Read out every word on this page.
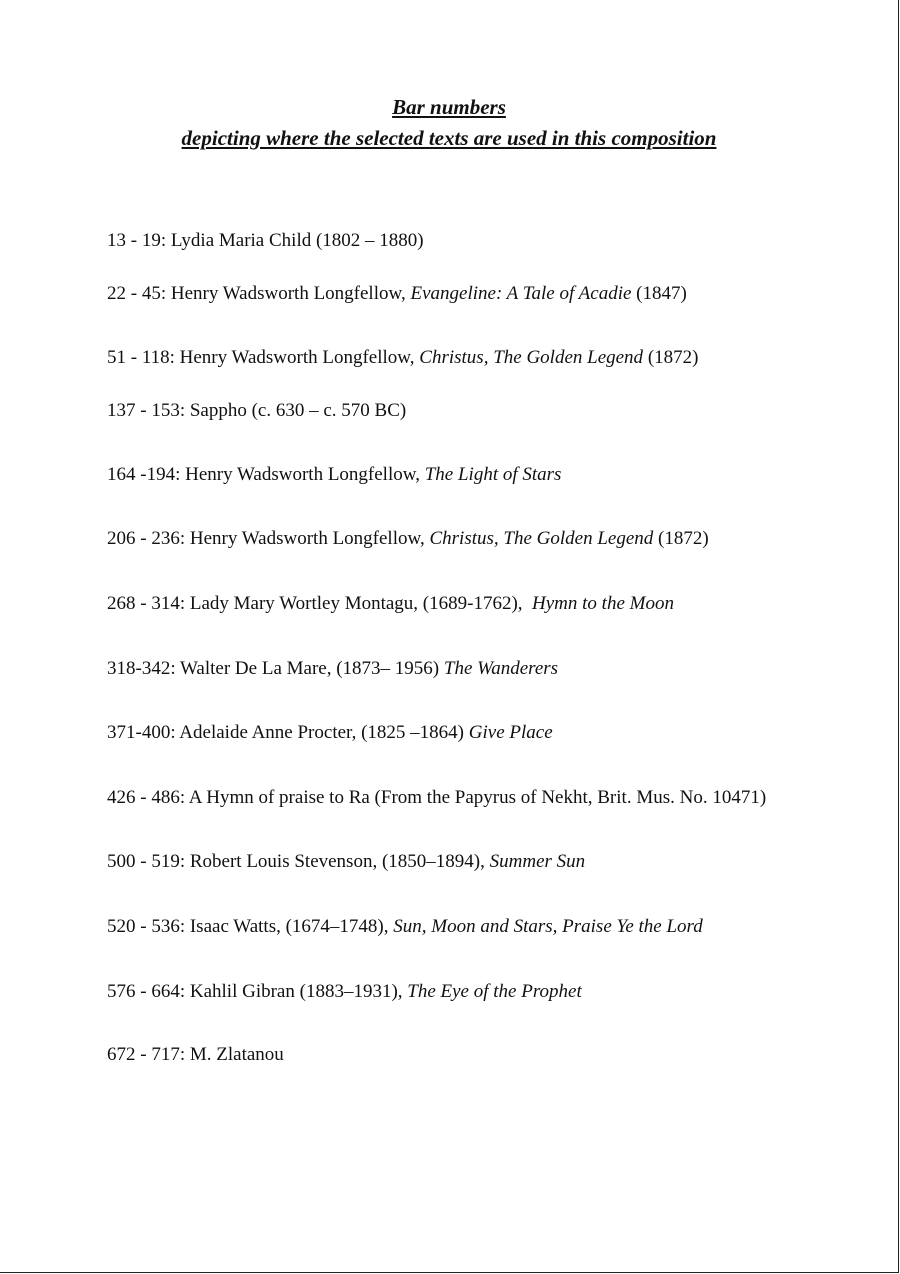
Bar numbers
depicting where the selected texts are used in this composition
13 - 19: Lydia Maria Child (1802 – 1880)
22 - 45: Henry Wadsworth Longfellow, Evangeline: A Tale of Acadie (1847)
51 - 118: Henry Wadsworth Longfellow, Christus, The Golden Legend (1872)
137 - 153: Sappho (c. 630 – c. 570 BC)
164 -194: Henry Wadsworth Longfellow, The Light of Stars
206 - 236: Henry Wadsworth Longfellow, Christus, The Golden Legend (1872)
268 - 314: Lady Mary Wortley Montagu, (1689-1762),  Hymn to the Moon
318-342: Walter De La Mare, (1873– 1956) The Wanderers
371-400: Adelaide Anne Procter, (1825 –1864) Give Place
426 - 486: A Hymn of praise to Ra (From the Papyrus of Nekht, Brit. Mus. No. 10471)
500 - 519: Robert Louis Stevenson, (1850–1894), Summer Sun
520 - 536: Isaac Watts, (1674–1748), Sun, Moon and Stars, Praise Ye the Lord
576 - 664: Kahlil Gibran (1883–1931), The Eye of the Prophet
672 - 717: M. Zlatanou
